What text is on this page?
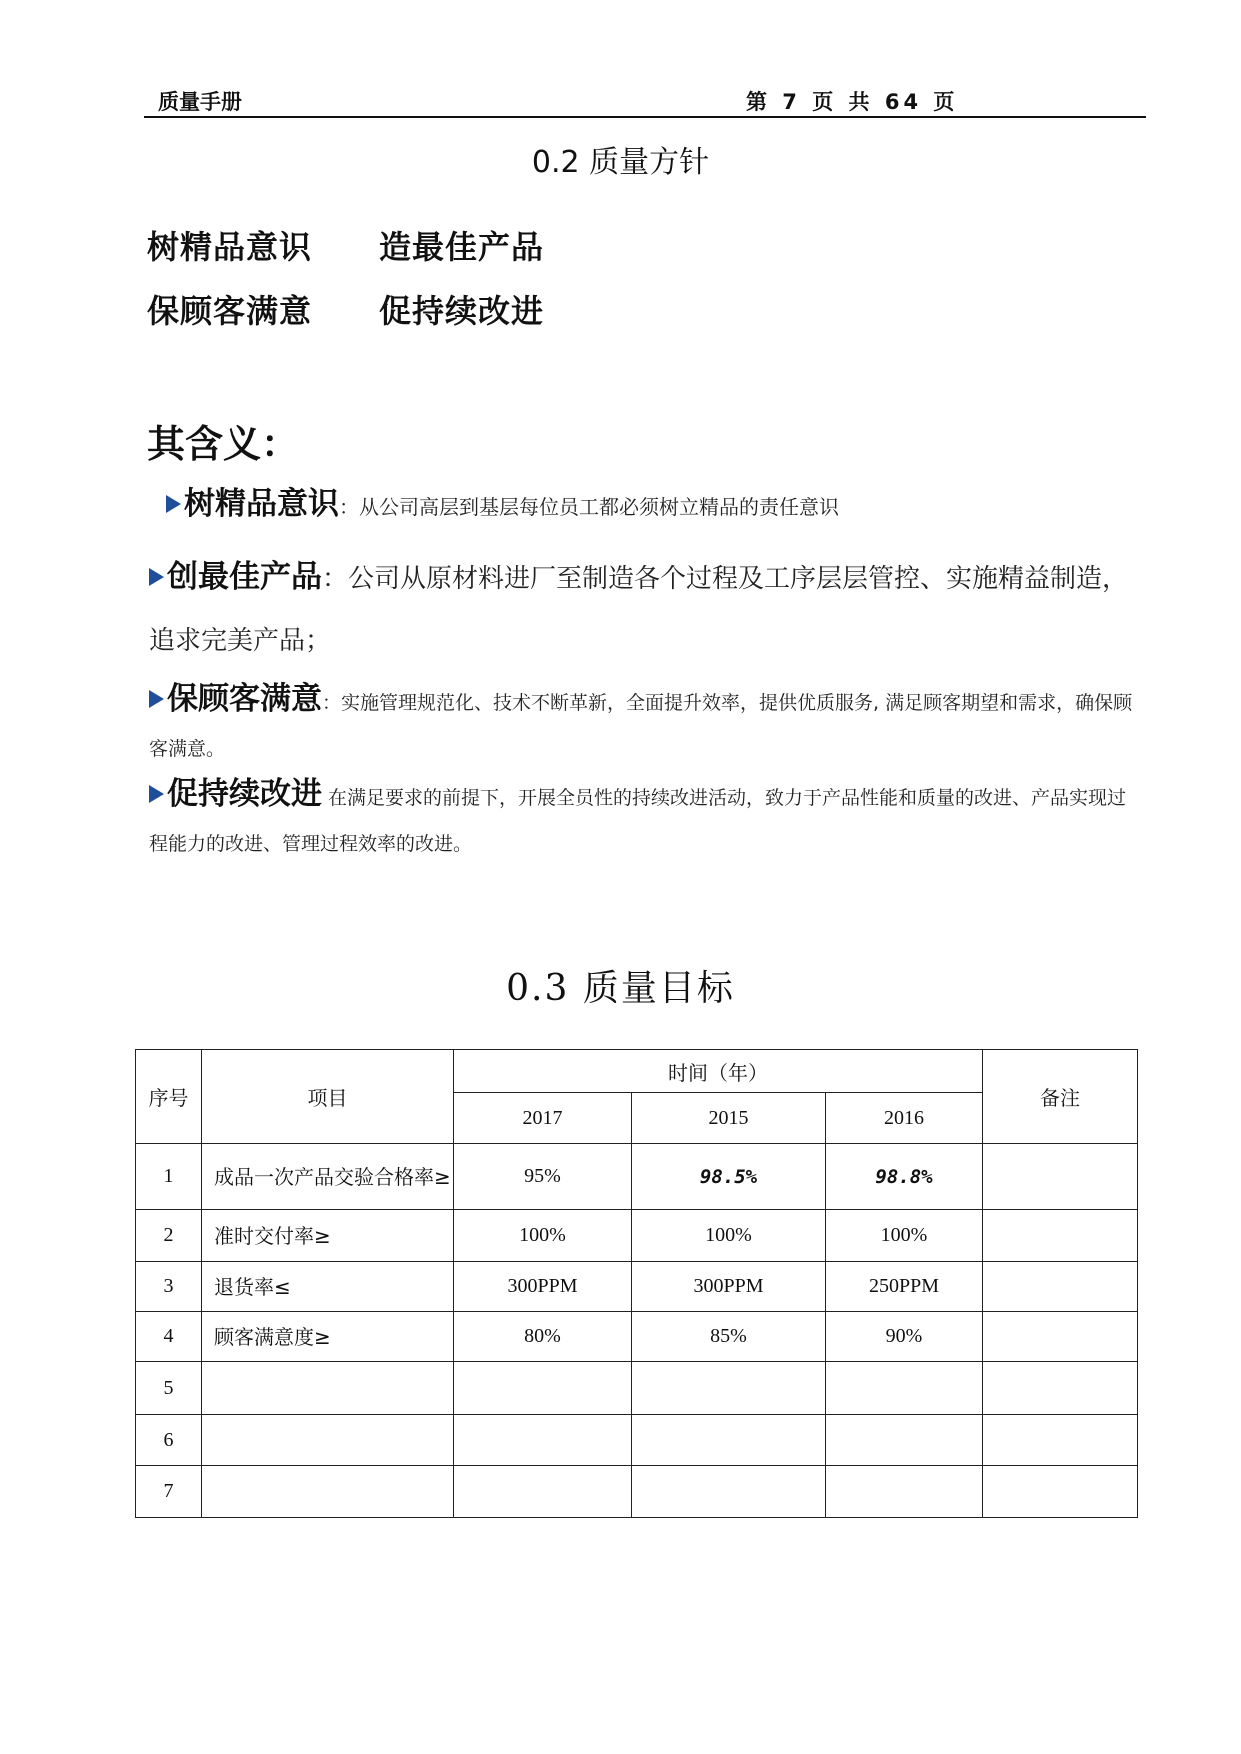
质量手册	第 7 页 共 64 页
0.2 质量方针
树精品意识 造最佳产品
保顾客满意 促持续改进
其含义：
树精品意识：从公司高层到基层每位员工都必须树立精品的责任意识
创最佳产品：公司从原材料进厂至制造各个过程及工序层层管控、实施精益制造，追求完美产品；
保顾客满意：实施管理规范化、技术不断革新，全面提升效率，提供优质服务, 满足顾客期望和需求，确保顾客满意。
促持续改进 在满足要求的前提下，开展全员性的持续改进活动，致力于产品性能和质量的改进、产品实现过程能力的改进、管理过程效率的改进。
0.3 质量目标
序号	项目	时间（年）			备注
		2017	2015	2016	
1	成品一次产品交验合格率≥	95%	98.5%	98.8%	
2	准时交付率≥	100%	100%	100%	
3	退货率≤	300PPM	300PPM	250PPM	
4	顾客满意度≥	80%	85%	90%	
5					
6					
7					
